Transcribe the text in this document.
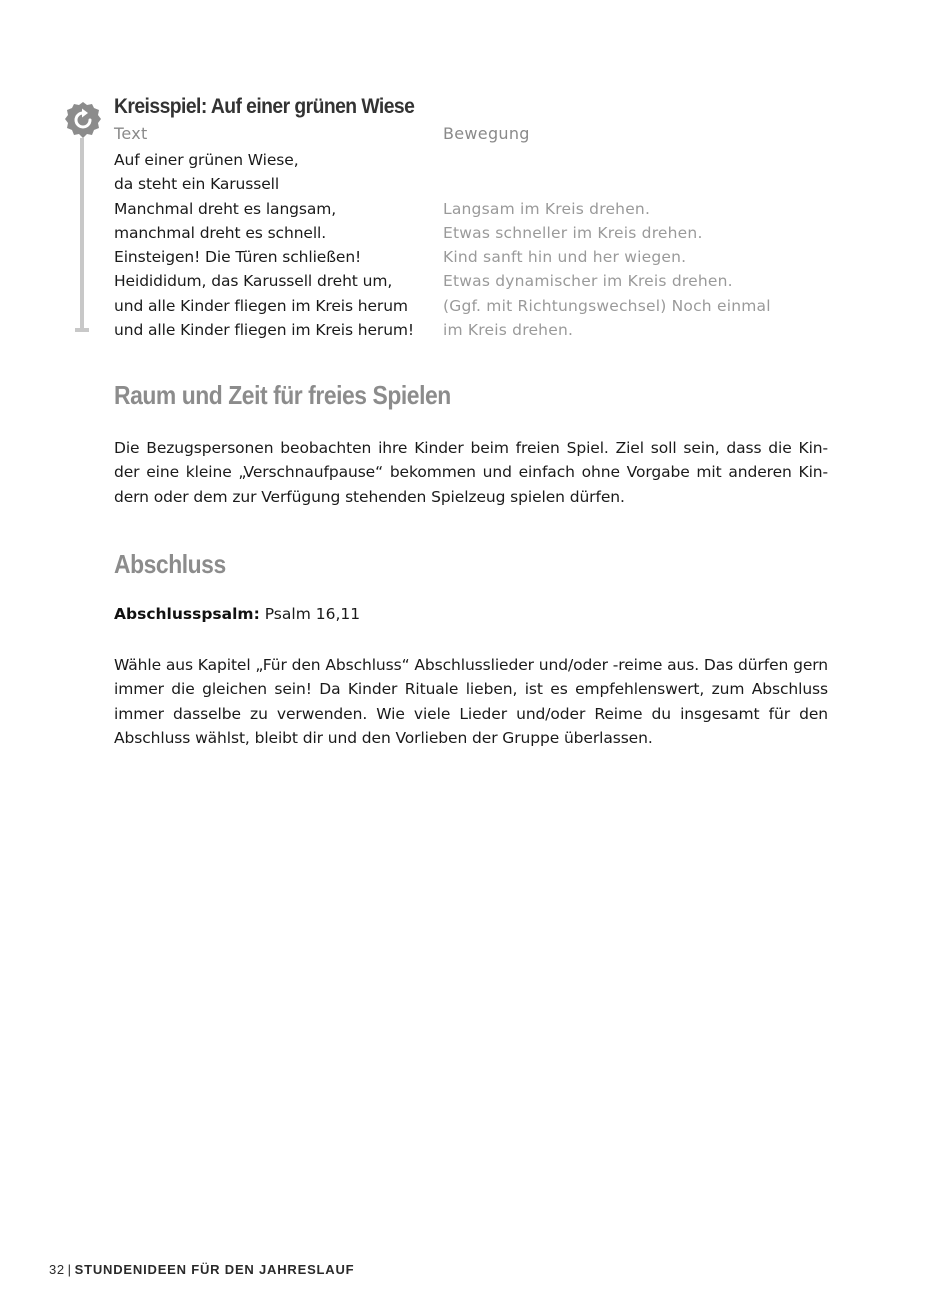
Kreisspiel: Auf einer grünen Wiese
Text	Bewegung
Auf einer grünen Wiese,
da steht ein Karussell
Manchmal dreht es langsam,
manchmal dreht es schnell.
Einsteigen! Die Türen schließen!
Heidididum, das Karussell dreht um,
und alle Kinder fliegen im Kreis herum
und alle Kinder fliegen im Kreis herum!
Langsam im Kreis drehen.
Etwas schneller im Kreis drehen.
Kind sanft hin und her wiegen.
Etwas dynamischer im Kreis drehen.
(Ggf. mit Richtungswechsel) Noch einmal
im Kreis drehen.
Raum und Zeit für freies Spielen

Die Bezugspersonen beobachten ihre Kinder beim freien Spiel. Ziel soll sein, dass die Kin- der eine kleine „Verschnaufpause“ bekommen und einfach ohne Vorgabe mit anderen Kin- dern oder dem zur Verfügung stehenden Spielzeug spielen dürfen.

Abschluss
Abschlusspsalm: Psalm 16,11

Wähle aus Kapitel „Für den Abschluss“ Abschlusslieder und/oder -reime aus. Das dürfen gern immer die gleichen sein! Da Kinder Rituale lieben, ist es empfehlenswert, zum Abschluss immer dasselbe zu verwenden. Wie viele Lieder und/oder Reime du insgesamt für den Abschluss wählst, bleibt dir und den Vorlieben der Gruppe überlassen.

32 | STUNDENIDEEN FÜR DEN JAHRESLAUF
